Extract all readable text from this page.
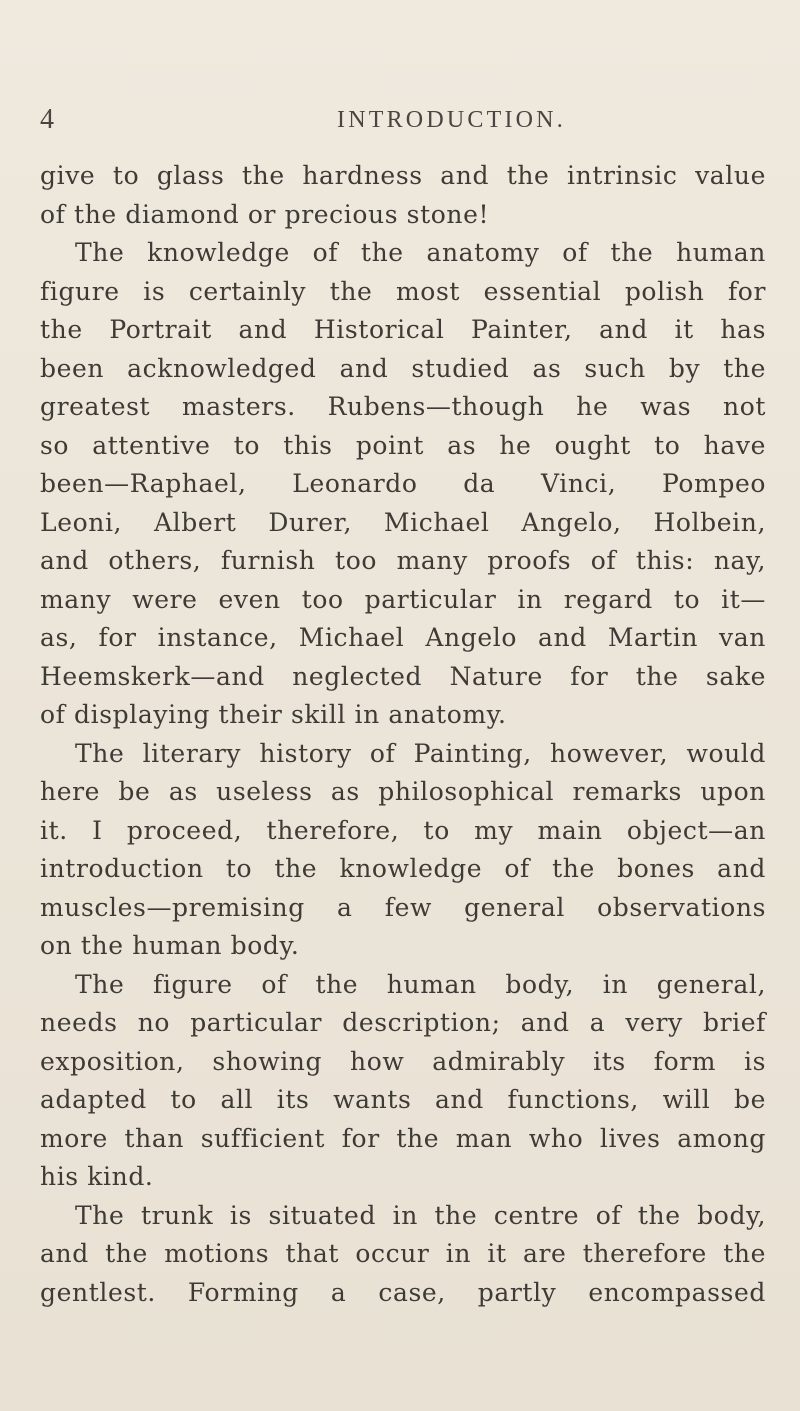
4	INTRODUCTION.
give to glass the hardness and the intrinsic value
of the diamond or precious stone!
The knowledge of the anatomy of the human
figure is certainly the most essential polish for
the Portrait and Historical Painter, and it has
been acknowledged and studied as such by the
greatest masters. Rubens—though he was not
so attentive to this point as he ought to have
been—Raphael, Leonardo da Vinci, Pompeo
Leoni, Albert Durer, Michael Angelo, Holbein,
and others, furnish too many proofs of this: nay,
many were even too particular in regard to it—
as, for instance, Michael Angelo and Martin van
Heemskerk—and neglected Nature for the sake
of displaying their skill in anatomy.
The literary history of Painting, however, would
here be as useless as philosophical remarks upon
it. I proceed, therefore, to my main object—an
introduction to the knowledge of the bones and
muscles—premising a few general observations
on the human body.
The figure of the human body, in general,
needs no particular description; and a very brief
exposition, showing how admirably its form is
adapted to all its wants and functions, will be
more than sufficient for the man who lives among
his kind.
The trunk is situated in the centre of the body,
and the motions that occur in it are therefore the
gentlest. Forming a case, partly encompassed
